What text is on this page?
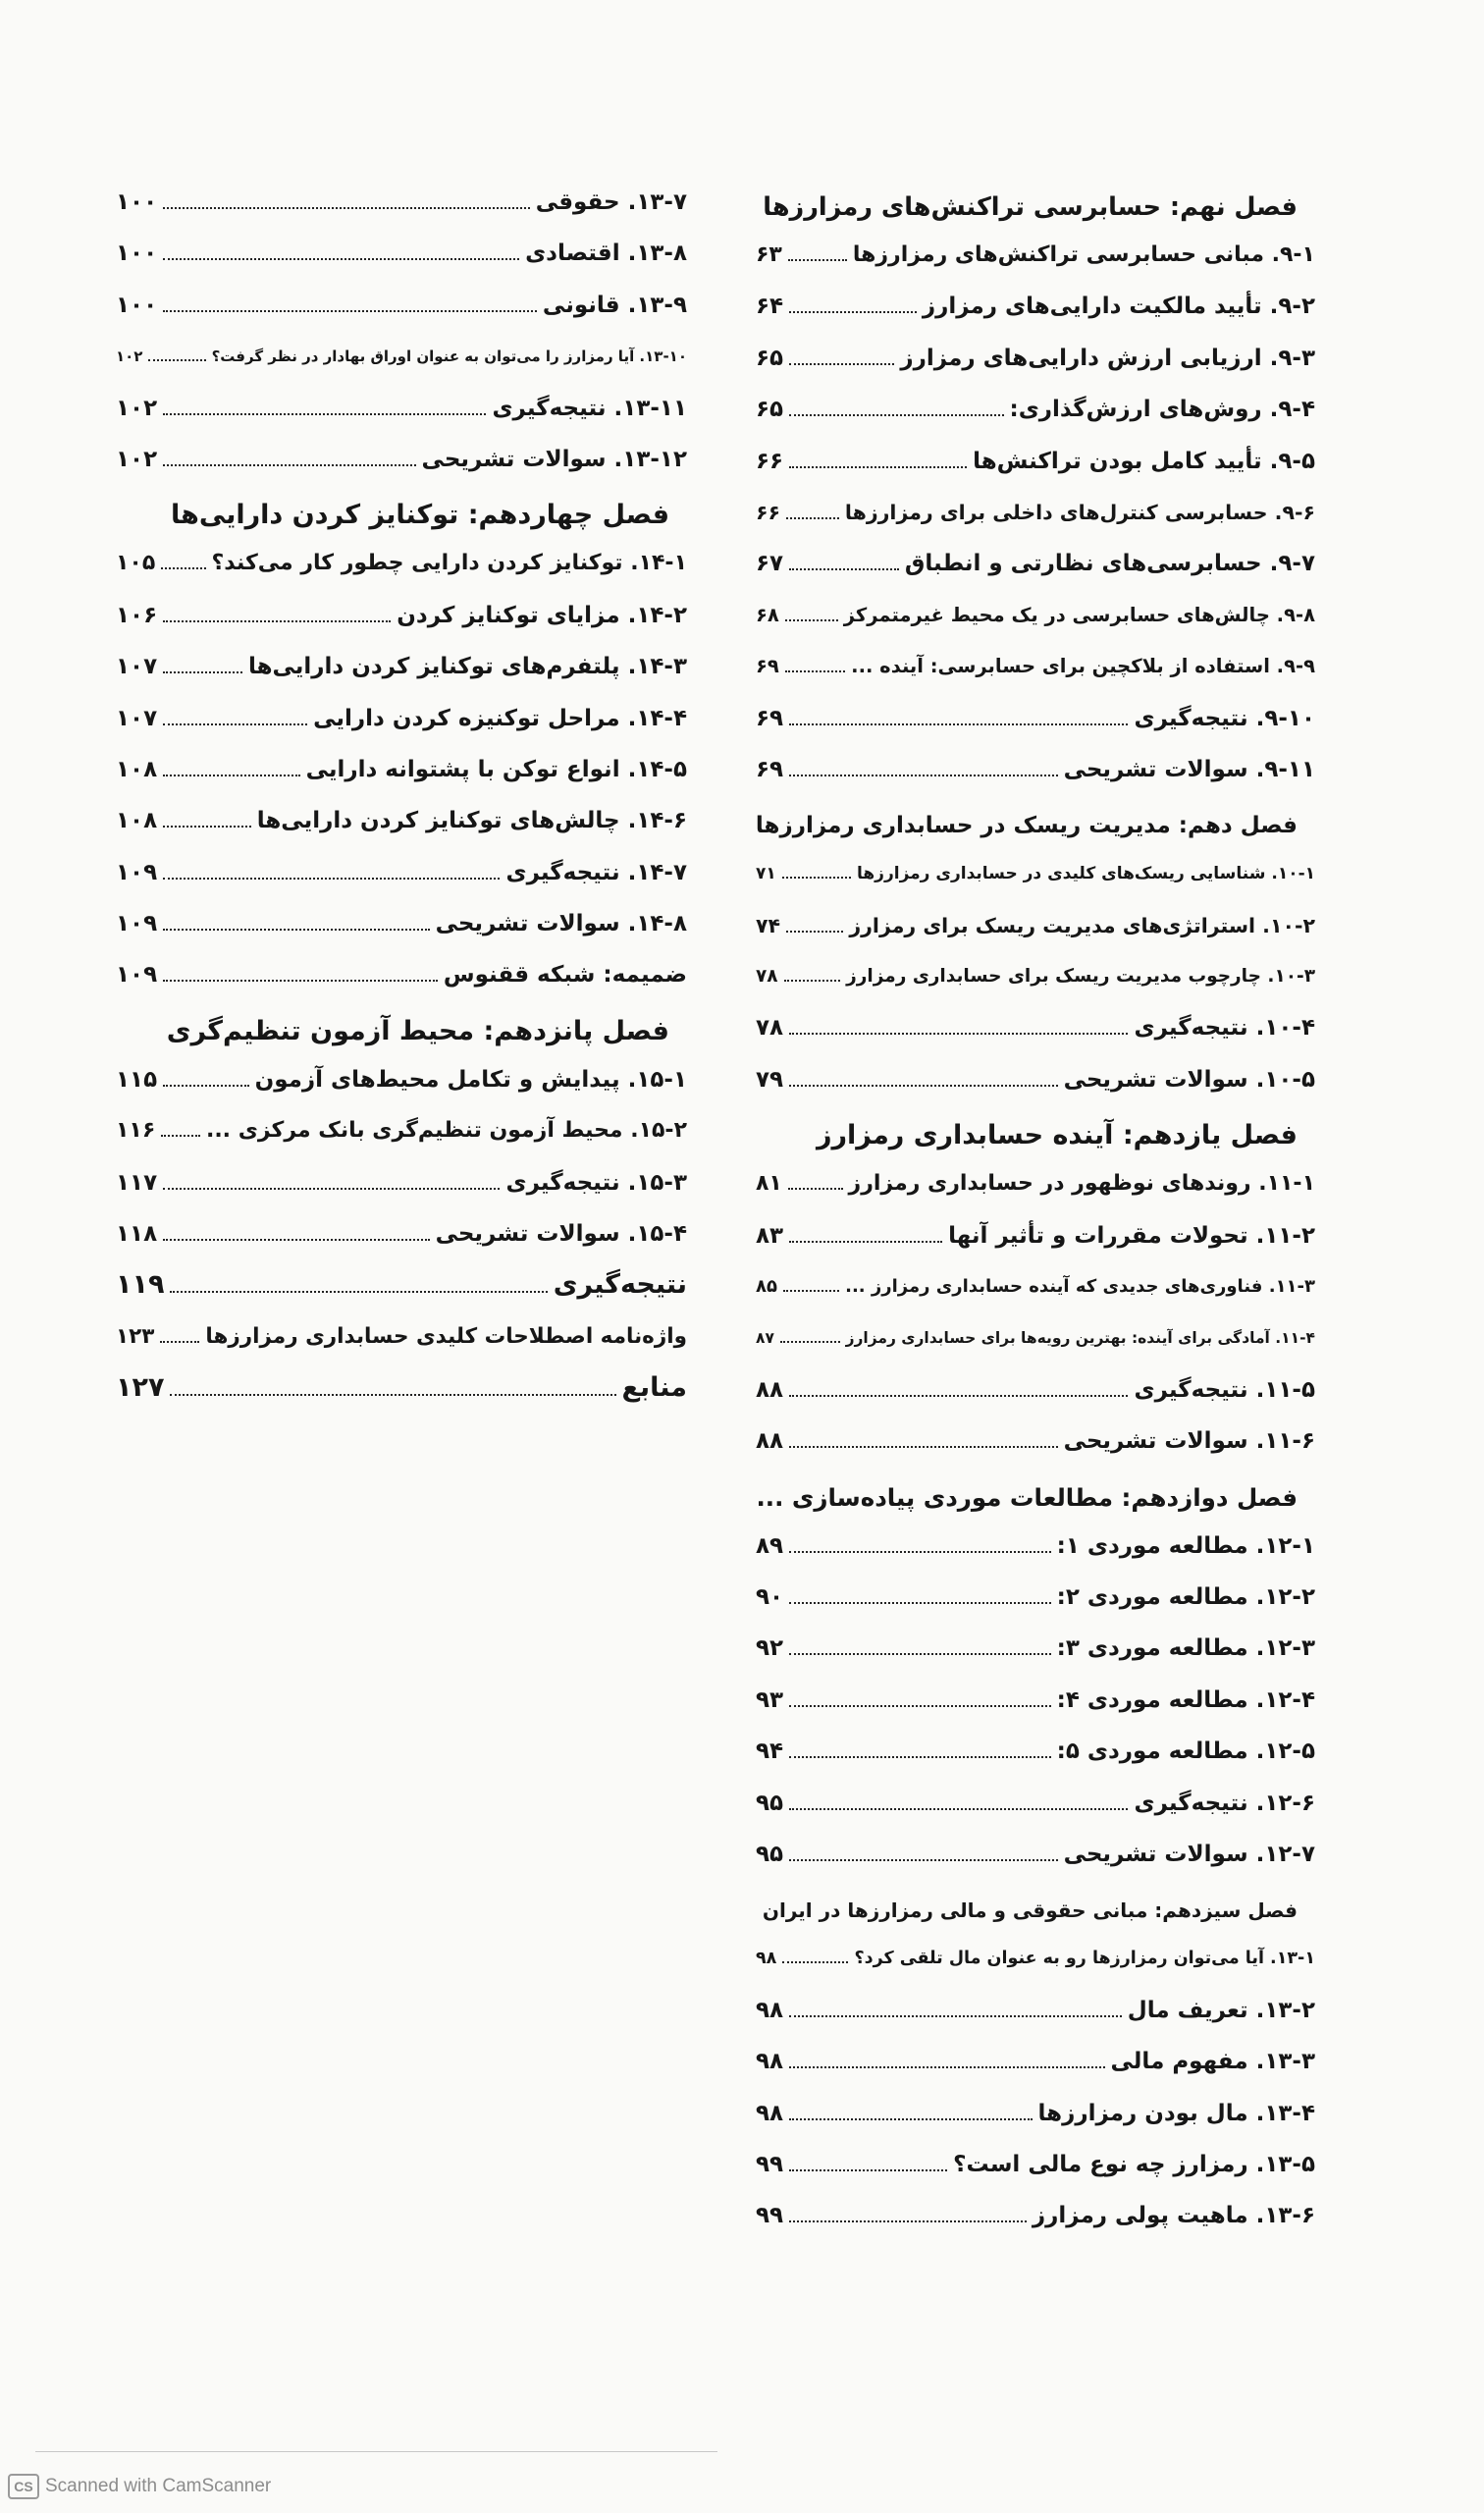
فصل نهم: حسابرسی تراکنش‌های رمزارزها
۹-۱. مبانی حسابرسی تراکنش‌های رمزارزها
۶۳
۹-۲. تأیید مالکیت دارایی‌های رمزارز
۶۴
۹-۳. ارزیابی ارزش دارایی‌های رمزارز
۶۵
۹-۴. روش‌های ارزش‌گذاری:
۶۵
۹-۵. تأیید کامل بودن تراکنش‌ها
۶۶
۹-۶. حسابرسی کنترل‌های داخلی برای رمزارزها
۶۶
۹-۷. حسابرسی‌های نظارتی و انطباق
۶۷
۹-۸. چالش‌های حسابرسی در یک محیط غیرمتمرکز
۶۸
۹-۹. استفاده از بلاکچین برای حسابرسی: آینده ...
۶۹
۹-۱۰. نتیجه‌گیری
۶۹
۹-۱۱. سوالات تشریحی
۶۹
فصل دهم: مدیریت ریسک در حسابداری رمزارزها
۱۰-۱. شناسایی ریسک‌های کلیدی در حسابداری رمزارزها
۷۱
۱۰-۲. استراتژی‌های مدیریت ریسک برای رمزارز
۷۴
۱۰-۳. چارچوب مدیریت ریسک برای حسابداری رمزارز
۷۸
۱۰-۴. نتیجه‌گیری
۷۸
۱۰-۵. سوالات تشریحی
۷۹
فصل یازدهم: آینده حسابداری رمزارز
۱۱-۱. روندهای نوظهور در حسابداری رمزارز
۸۱
۱۱-۲. تحولات مقررات و تأثیر آنها
۸۳
۱۱-۳. فناوری‌های جدیدی که آینده حسابداری رمزارز ...
۸۵
۱۱-۴. آمادگی برای آینده: بهترین رویه‌ها برای حسابداری رمزارز
۸۷
۱۱-۵. نتیجه‌گیری
۸۸
۱۱-۶. سوالات تشریحی
۸۸
فصل دوازدهم: مطالعات موردی پیاده‌سازی ...
۱۲-۱. مطالعه موردی ۱:
۸۹
۱۲-۲. مطالعه موردی ۲:
۹۰
۱۲-۳. مطالعه موردی ۳:
۹۲
۱۲-۴. مطالعه موردی ۴:
۹۳
۱۲-۵. مطالعه موردی ۵:
۹۴
۱۲-۶. نتیجه‌گیری
۹۵
۱۲-۷. سوالات تشریحی
۹۵
فصل سیزدهم: مبانی حقوقی و مالی رمزارزها در ایران
۱۳-۱. آیا می‌توان رمزارزها رو به عنوان مال تلقی کرد؟
۹۸
۱۳-۲. تعریف مال
۹۸
۱۳-۳. مفهوم مالی
۹۸
۱۳-۴. مال بودن رمزارزها
۹۸
۱۳-۵. رمزارز چه نوع مالی است؟
۹۹
۱۳-۶. ماهیت پولی رمزارز
۹۹
۱۳-۷. حقوقی
۱۰۰
۱۳-۸. اقتصادی
۱۰۰
۱۳-۹. قانونی
۱۰۰
۱۳-۱۰. آیا رمزارز را می‌توان به عنوان اوراق بهادار در نظر گرفت؟
۱۰۲
۱۳-۱۱. نتیجه‌گیری
۱۰۲
۱۳-۱۲. سوالات تشریحی
۱۰۲
فصل چهاردهم: توکنایز کردن دارایی‌ها
۱۴-۱. توکنایز کردن دارایی چطور کار می‌کند؟
۱۰۵
۱۴-۲. مزایای توکنایز کردن
۱۰۶
۱۴-۳. پلتفرم‌های توکنایز کردن دارایی‌ها
۱۰۷
۱۴-۴. مراحل توکنیزه کردن دارایی
۱۰۷
۱۴-۵. انواع توکن با پشتوانه دارایی
۱۰۸
۱۴-۶. چالش‌های توکنایز کردن دارایی‌ها
۱۰۸
۱۴-۷. نتیجه‌گیری
۱۰۹
۱۴-۸. سوالات تشریحی
۱۰۹
ضمیمه: شبکه ققنوس
۱۰۹
فصل پانزدهم: محیط آزمون تنظیم‌گری
۱۵-۱. پیدایش و تکامل محیط‌های آزمون
۱۱۵
۱۵-۲. محیط آزمون تنظیم‌گری بانک مرکزی ...
۱۱۶
۱۵-۳. نتیجه‌گیری
۱۱۷
۱۵-۴. سوالات تشریحی
۱۱۸
نتیجه‌گیری
۱۱۹
واژه‌نامه اصطلاحات کلیدی حسابداری رمزارزها
۱۲۳
منابع
۱۲۷
CS Scanned with CamScanner
